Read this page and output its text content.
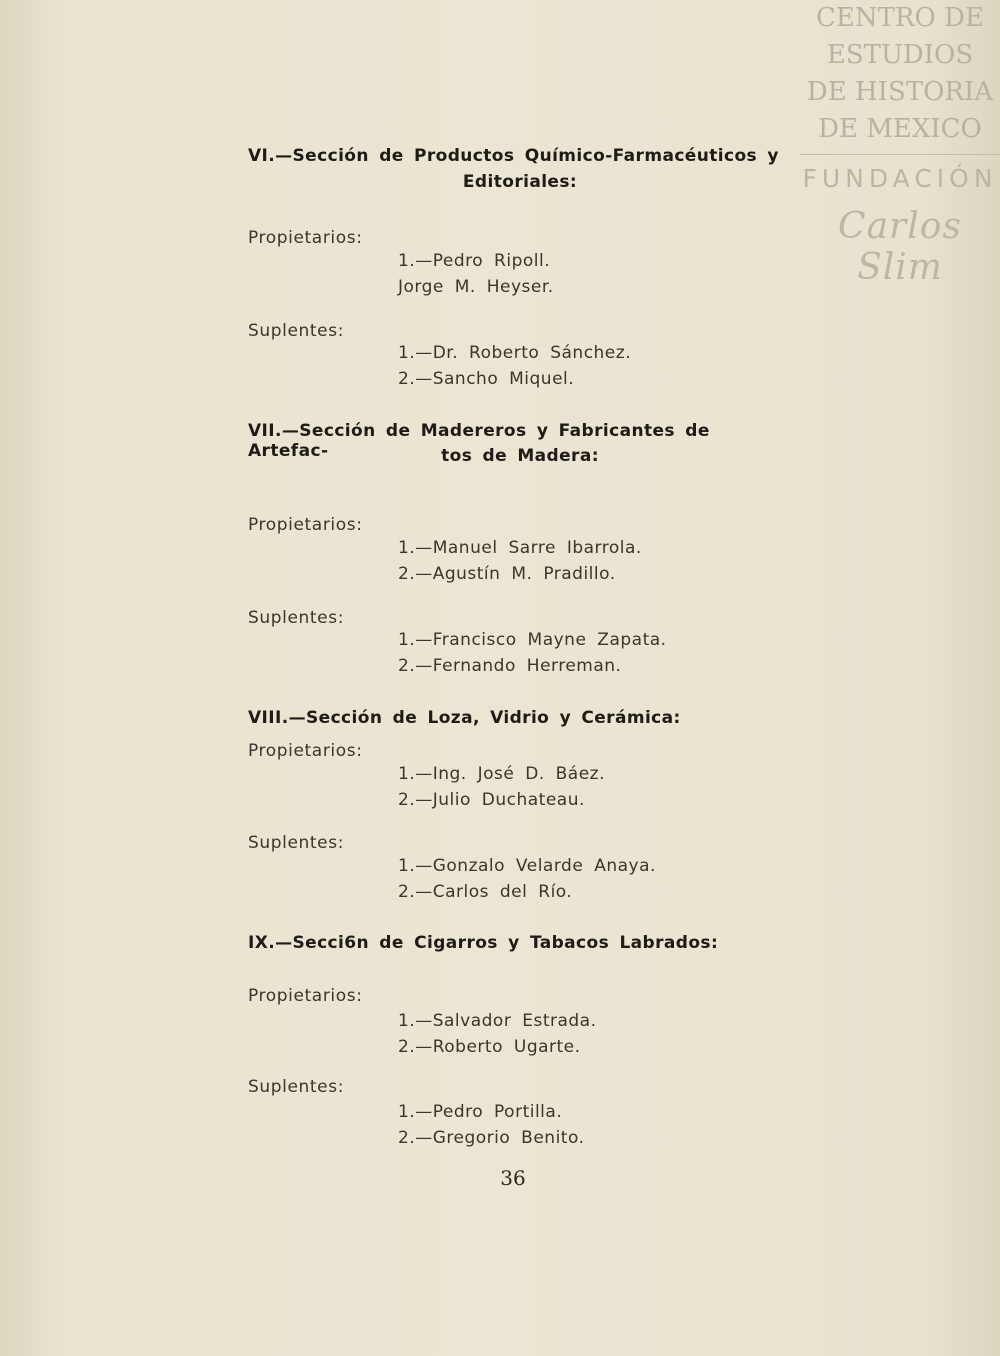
CENTRO DE
ESTUDIOS
DE HISTORIA
DE MEXICO
FUNDACIÓN
Carlos Slim
VI.—Sección de Productos Químico-Farmacéuticos y
Editoriales:
Propietarios:
1.—Pedro Ripoll.
Jorge M. Heyser.
Suplentes:
1.—Dr. Roberto Sánchez.
2.—Sancho Miquel.
VII.—Sección de Madereros y Fabricantes de Artefac-	tos de Madera:
Propietarios:
1.—Manuel Sarre Ibarrola.
2.—Agustín M. Pradillo.
Suplentes:
1.—Francisco Mayne Zapata.
2.—Fernando Herreman.
VIII.—Sección de Loza, Vidrio y Cerámica:
Propietarios:
1.—Ing. José D. Báez.
2.—Julio Duchateau.
Suplentes:
1.—Gonzalo Velarde Anaya.
2.—Carlos del Río.
IX.—Secci6n de Cigarros y Tabacos Labrados:
Propietarios:
1.—Salvador Estrada.
2.—Roberto Ugarte.
Suplentes:
1.—Pedro Portilla.
2.—Gregorio Benito.
36
